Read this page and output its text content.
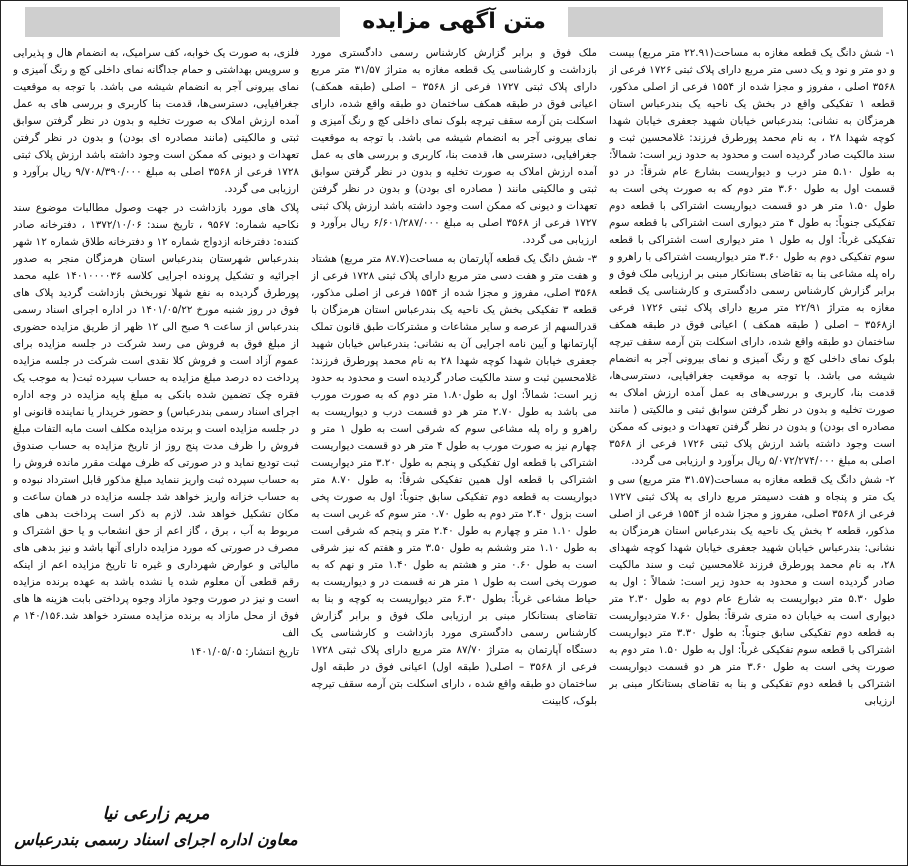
متن آگهی مزایده

۱- شش دانگ یک قطعه مغازه به مساحت(۲۲.۹۱ متر مربع) بیست و دو متر و نود و یک دسی متر مربع دارای پلاک ثبتی ۱۷۲۶ فرعی از ۳۵۶۸ اصلی ، مفروز و مجزا شده از ۱۵۵۴ فرعی از اصلی مذکور، قطعه ۱ تفکیکی واقع در بخش یک ناحیه یک بندرعباس استان هرمزگان به نشانی: بندرعباس خیابان شهید جعفری خیابان شهدا کوچه شهدا ۲۸ ، به نام محمد پورطرق فرزند: غلامحسین ثبت و سند مالکیت صادر گردیده است و محدود به حدود زیر است: شمالاً: به طول ۵.۱۰ متر درب و دیواریست بشارع عام شرقاً: در دو قسمت اول به طول ۳.۶۰ متر دوم که به صورت پخی است به طول ۱.۵۰ متر هر دو قسمت دیواریست اشتراکی با قطعه دوم تفکیکی جنوباً: به طول ۴ متر دیواری است اشتراکی با قطعه سوم تفکیکی غرباً: اول به طول ۱ متر دیواری است اشتراکی با قطعه سوم تفکیکی دوم به طول ۳.۶۰ متر دیواریست اشتراکی با راهرو و راه پله مشاعی بنا به تقاضای بستانکار مبنی بر ارزیابی ملک فوق و برابر گزارش کارشناس رسمی دادگستری و کارشناسی یک قطعه مغازه به متراژ ۲۲/۹۱ متر مربع دارای پلاک ثبتی ۱۷۲۶ فرعی از۳۵۶۸ – اصلی ( طبقه همکف ) اعیانی فوق در طبقه همکف ساختمان دو طبقه واقع شده، دارای اسکلت بتن آرمه سقف تیرچه بلوک نمای داخلی کچ و رنگ آمیزی و نمای بیرونی آجر به انضمام شیشه می باشد. با توجه به موقعیت جغرافیایی، دسترسی‌ها، قدمت بنا، کاربری و بررسی‌های به عمل آمده ارزش املاک به صورت تخلیه و بدون در نظر گرفتن سوابق ثبتی و مالکیتی ( مانند مصادره ای بودن) و بدون در نظر گرفتن تعهدات و دیونی که ممکن است وجود داشته باشد ارزش پلاک ثبتی ۱۷۲۶ فرعی از ۳۵۶۸ اصلی به مبلغ ۵/۰۷۲/۲۷۴/۰۰۰ ریال برآورد و ارزیابی می گردد.

۲- شش دانگ یک قطعه مغازه به مساحت(۳۱.۵۷ متر مربع) سی و یک متر و پنجاه و هفت دسیمتر مربع دارای به پلاک ثبتی ۱۷۲۷ فرعی از ۳۵۶۸ اصلی، مفروز و مجزا شده از ۱۵۵۴ فرعی از اصلی مذکور، قطعه ۲ بخش یک ناحیه یک بندرعباس استان هرمزگان به نشانی: بندرعباس خیابان شهید جعفری خیابان شهدا کوچه شهدای ۲۸، به نام محمد پورطرق فرزند غلامحسین ثبت و سند مالکیت صادر گردیده است و محدود به حدود زیر است: شمالاً : اول به طول ۵.۳۰ متر دیواریست به شارع عام دوم به طول ۲.۳۰ متر دیواری است به خیابان ده متری شرقاً: بطول ۷.۶۰ متردیواریست به قطعه دوم تفکیکی سابق جنوباً: به طول ۳.۳۰ متر دیواریست اشتراکی با قطعه سوم تفکیکی غرباً: اول به طول ۱.۵۰ متر دوم به صورت پخی است به طول ۳.۶۰ متر هر دو قسمت دیواریست اشتراکی با قطعه دوم تفکیکی و بنا به تقاضای بستانکار مبنی بر ارزیابی

ملک فوق و برابر گزارش کارشناس رسمی دادگستری مورد بازداشت و کارشناسی یک قطعه مغازه به متراژ ۳۱/۵۷ متر مربع دارای پلاک ثبتی ۱۷۲۷ فرعی از ۳۵۶۸ – اصلی (طبقه همکف) اعیانی فوق در طبقه همکف ساختمان دو طبقه واقع شده، دارای اسکلت بتن آرمه سقف تیرچه بلوک نمای داخلی کچ و رنگ آمیزی و نمای بیرونی آجر به انضمام شیشه می باشد. با توجه به موقعیت جغرافیایی، دسترسی ها، قدمت بنا، کاربری و بررسی های به عمل آمده ارزش املاک به صورت تخلیه و بدون در نظر گرفتن سوابق ثبتی و مالکیتی مانند ( مصادره ای بودن) و بدون در نظر گرفتن تعهدات و دیونی که ممکن است وجود داشته باشد ارزش پلاک ثبتی ۱۷۲۷ فرعی از ۳۵۶۸ اصلی به مبلغ ۶/۶۰۱/۲۸۷/۰۰۰ ریال برآورد و ارزیابی می گردد.

۳- شش دانگ یک قطعه آپارتمان به مساحت(۸۷.۷ متر مربع) هشتاد و هفت متر و هفت دسی متر مربع دارای پلاک ثبتی ۱۷۲۸ فرعی از ۳۵۶۸ اصلی، مفروز و مجزا شده از ۱۵۵۴ فرعی از اصلی مذکور، قطعه ۳ تفکیکی بخش یک ناحیه یک بندرعباس استان هرمزگان با قدرالسهم از عرصه و سایر مشاعات و مشترکات طبق قانون تملک آپارتمانها و آیین نامه اجرایی آن به نشانی: بندرعباس خیابان شهید جعفری خیابان شهدا کوچه شهدا ۲۸ به نام محمد پورطرق فرزند: غلامحسین ثبت و سند مالکیت صادر گردیده است و محدود به حدود زیر است: شمالاً: اول به طول۱.۸۰ متر دوم که به صورت مورب می باشد به طول ۲.۷۰ متر هر دو قسمت درب و دیواریست به راهرو و راه پله مشاعی سوم که شرقی است به طول ۱ متر و چهارم نیز به صورت مورب به طول ۴ متر هر دو قسمت دیواریست اشتراکی با قطعه اول تفکیکی و پنجم به طول ۳.۲۰ متر دیواریست اشتراکی با قطعه اول همین تفکیکی شرقاً: به طول ۸.۷۰ متر دیواریست به قطعه دوم تفکیکی سابق جنوباً: اول به صورت پخی است بزول ۲.۴۰ متر دوم به طول ۰.۷۰ متر سوم که غربی است به طول ۱.۱۰ متر و چهارم به طول ۲.۴۰ متر و پنجم که شرقی است به طول ۱.۱۰ متر وششم به طول ۳.۵۰ متر و هفتم که نیز شرقی است به طول ۰.۶۰ متر و هشتم به طول ۱.۴۰ متر و نهم که به صورت پخی است به طول ۱ متر هر نه قسمت در و دیواریست به حیاط مشاعی غرباً: بطول ۶.۳۰ متر دیواریست به کوچه و بنا به تقاضای بستانکار مبنی بر ارزیابی ملک فوق و برابر گزارش کارشناس رسمی دادگستری مورد بازداشت و کارشناسی یک دستگاه آپارتمان به متراژ ۸۷/۷۰ متر مربع دارای پلاک ثبتی ۱۷۲۸ فرعی از ۳۵۶۸ – اصلی( طبقه اول) اعیانی فوق در طبقه اول ساختمان دو طبقه واقع شده ، دارای اسکلت بتن آرمه سقف تیرچه بلوک، کابینت

فلزی، به صورت یک خوابه، کف سرامیک، به انضمام هال و پذیرایی و سرویس بهداشتی و حمام جداگانه نمای داخلی کچ و رنگ آمیزی و نمای بیرونی آجر به انضمام شیشه می باشد. با توجه به موقعیت جغرافیایی، دسترسی‌ها، قدمت بنا کاربری و بررسی های به عمل آمده ارزش املاک به صورت تخلیه و بدون در نظر گرفتن سوابق ثبتی و مالکیتی (مانند مصادره ای بودن) و بدون در نظر گرفتن تعهدات و دیونی که ممکن است وجود داشته باشد ارزش پلاک ثبتی ۱۷۲۸ فرعی از ۳۵۶۸ اصلی به مبلغ ۹/۷۰۸/۳۹۰/۰۰۰ ریال برآورد و ارزیابی می گردد.

پلاک های مورد بازداشت در جهت وصول مطالبات موضوع سند نکاحیه شماره: ۹۵۶۷ ، تاریخ سند: ۱۳۷۲/۱۰/۰۶ ، دفترخانه صادر کننده: دفترخانه ازدواج شماره ۱۲ و دفترخانه طلاق شماره ۱۲ شهر بندرعباس شهرستان بندرعباس استان هرمزگان منجر به صدور اجرائیه و تشکیل پرونده اجرایی کلاسه ۱۴۰۱۰۰۰۰۳۶ علیه محمد پورطرق گردیده به نفع شهلا نوربخش بازداشت گردید پلاک های فوق در روز شنبه مورخ ۱۴۰۱/۰۵/۲۲ در اداره اجرای اسناد رسمی بندرعباس از ساعت ۹ صبح الی ۱۲ ظهر از طریق مزایده حضوری از مبلغ فوق به فروش می رسد شرکت در جلسه مزایده برای عموم آزاد است و فروش کلا نقدی است شرکت در جلسه مزایده پرداخت ده درصد مبلغ مزایده به حساب سپرده ثبت( به موجب یک فقره چک تضمین شده بانکی به مبلغ پایه مزایده در وجه اداره اجرای اسناد رسمی بندرعباس) و حضور خریدار یا نماینده قانونی او در جلسه مزایده است و برنده مزایده مکلف است مابه التفات مبلغ فروش را ظرف مدت پنج روز از تاریخ مزایده به حساب صندوق ثبت تودیع نماید و در صورتی که ظرف مهلت مقرر مانده فروش را به حساب سپرده ثبت واریز ننماید مبلغ مذکور قابل استرداد نبوده و به حساب خزانه واریز خواهد شد جلسه مزایده در همان ساعت و مکان تشکیل خواهد شد. لازم به ذکر است پرداخت بدهی های مربوط به آب ، برق ، گاز اعم از حق انشعاب و یا حق اشتراک و مصرف در صورتی که مورد مزایده دارای آنها باشد و نیز بدهی های مالیاتی و عوارض شهرداری و غیره تا تاریخ مزایده اعم از اینکه رقم قطعی آن معلوم شده یا نشده باشد به عهده برنده مزایده است و نیز در صورت وجود مازاد وجوه پرداختی بابت هزینه ها های فوق از محل مازاد به برنده مزایده مسترد خواهد شد.۱۴۰/۱۵۶ م الف

تاریخ انتشار: ۱۴۰۱/۰۵/۰۵

مریم زارعی نیا
معاون اداره اجرای اسناد رسمی بندرعباس
